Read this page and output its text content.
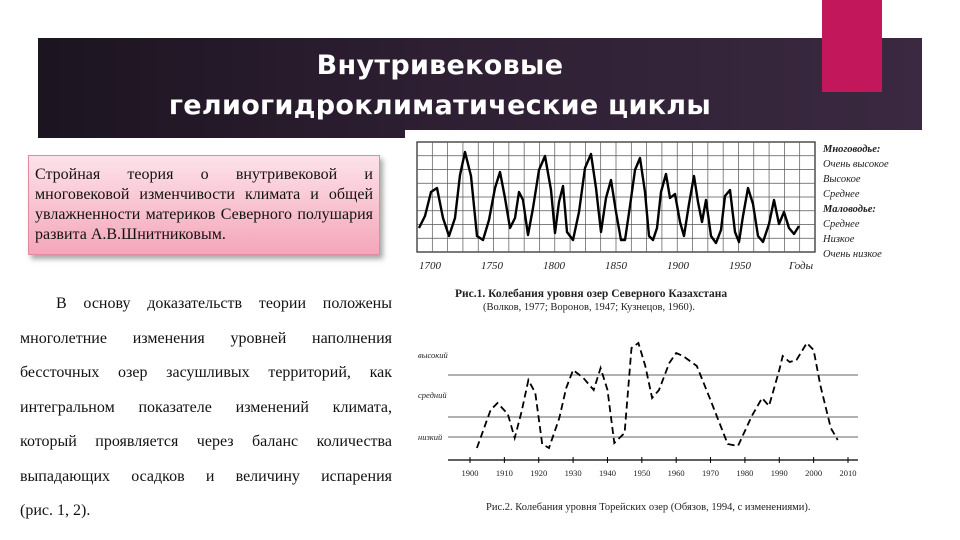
Внутривековые
гелиогидроклиматические циклы
Стройная теория о внутривековой и многовековой изменчивости климата и общей увлажненности материков Северного полушария развита А.В.Шнитниковым.
В основу доказательств теории положены
многолетние изменения уровней наполнения
бессточных озер засушливых территорий, как
интегральном показателе изменений климата,
который проявляется через баланс количества
выпадающих осадков и величину испарения
(рис. 1, 2).
Многоводье:
Очень высокое
Высокое
Среднее
Маловодье:
Среднее
Низкое
Очень низкое
1700	1750	1800	1850	1900	1950	Годы
Рис.1. Колебания уровня озер Северного Казахстана
(Волков, 1977; Воронов, 1947; Кузнецов, 1960).
высокий
средний
низкий
1900 1910 1920 1930 1940 1950 1960 1970 1980 1990 2000 2010
Рис.2. Колебания уровня Торейских озер (Обязов, 1994, с изменениями).
